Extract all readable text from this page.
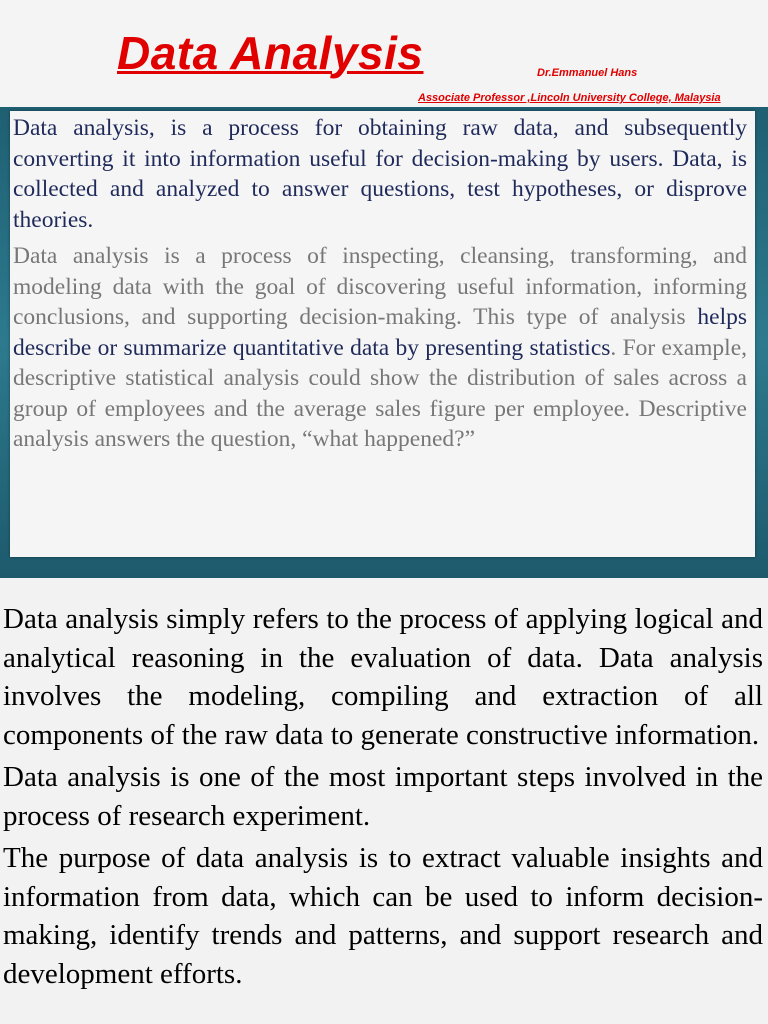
Data Analysis	Dr.Emmanuel Hans
Associate Professor ,Lincoln University College, Malaysia

Data analysis, is a process for obtaining raw data, and subsequently converting it into information useful for decision-making by users. Data, is collected and analyzed to answer questions, test hypotheses, or disprove theories.

Data analysis is a process of inspecting, cleansing, transforming, and modeling data with the goal of discovering useful information, informing conclusions, and supporting decision-making. This type of analysis helps describe or summarize quantitative data by presenting statistics. For example, descriptive statistical analysis could show the distribution of sales across a group of employees and the average sales figure per employee. Descriptive analysis answers the question, “what happened?”

Data analysis simply refers to the process of applying logical and analytical reasoning in the evaluation of data. Data analysis involves the modeling, compiling and extraction of all components of the raw data to generate constructive information.

Data analysis is one of the most important steps involved in the process of research experiment.

The purpose of data analysis is to extract valuable insights and information from data, which can be used to inform decision-making, identify trends and patterns, and support research and development efforts.
